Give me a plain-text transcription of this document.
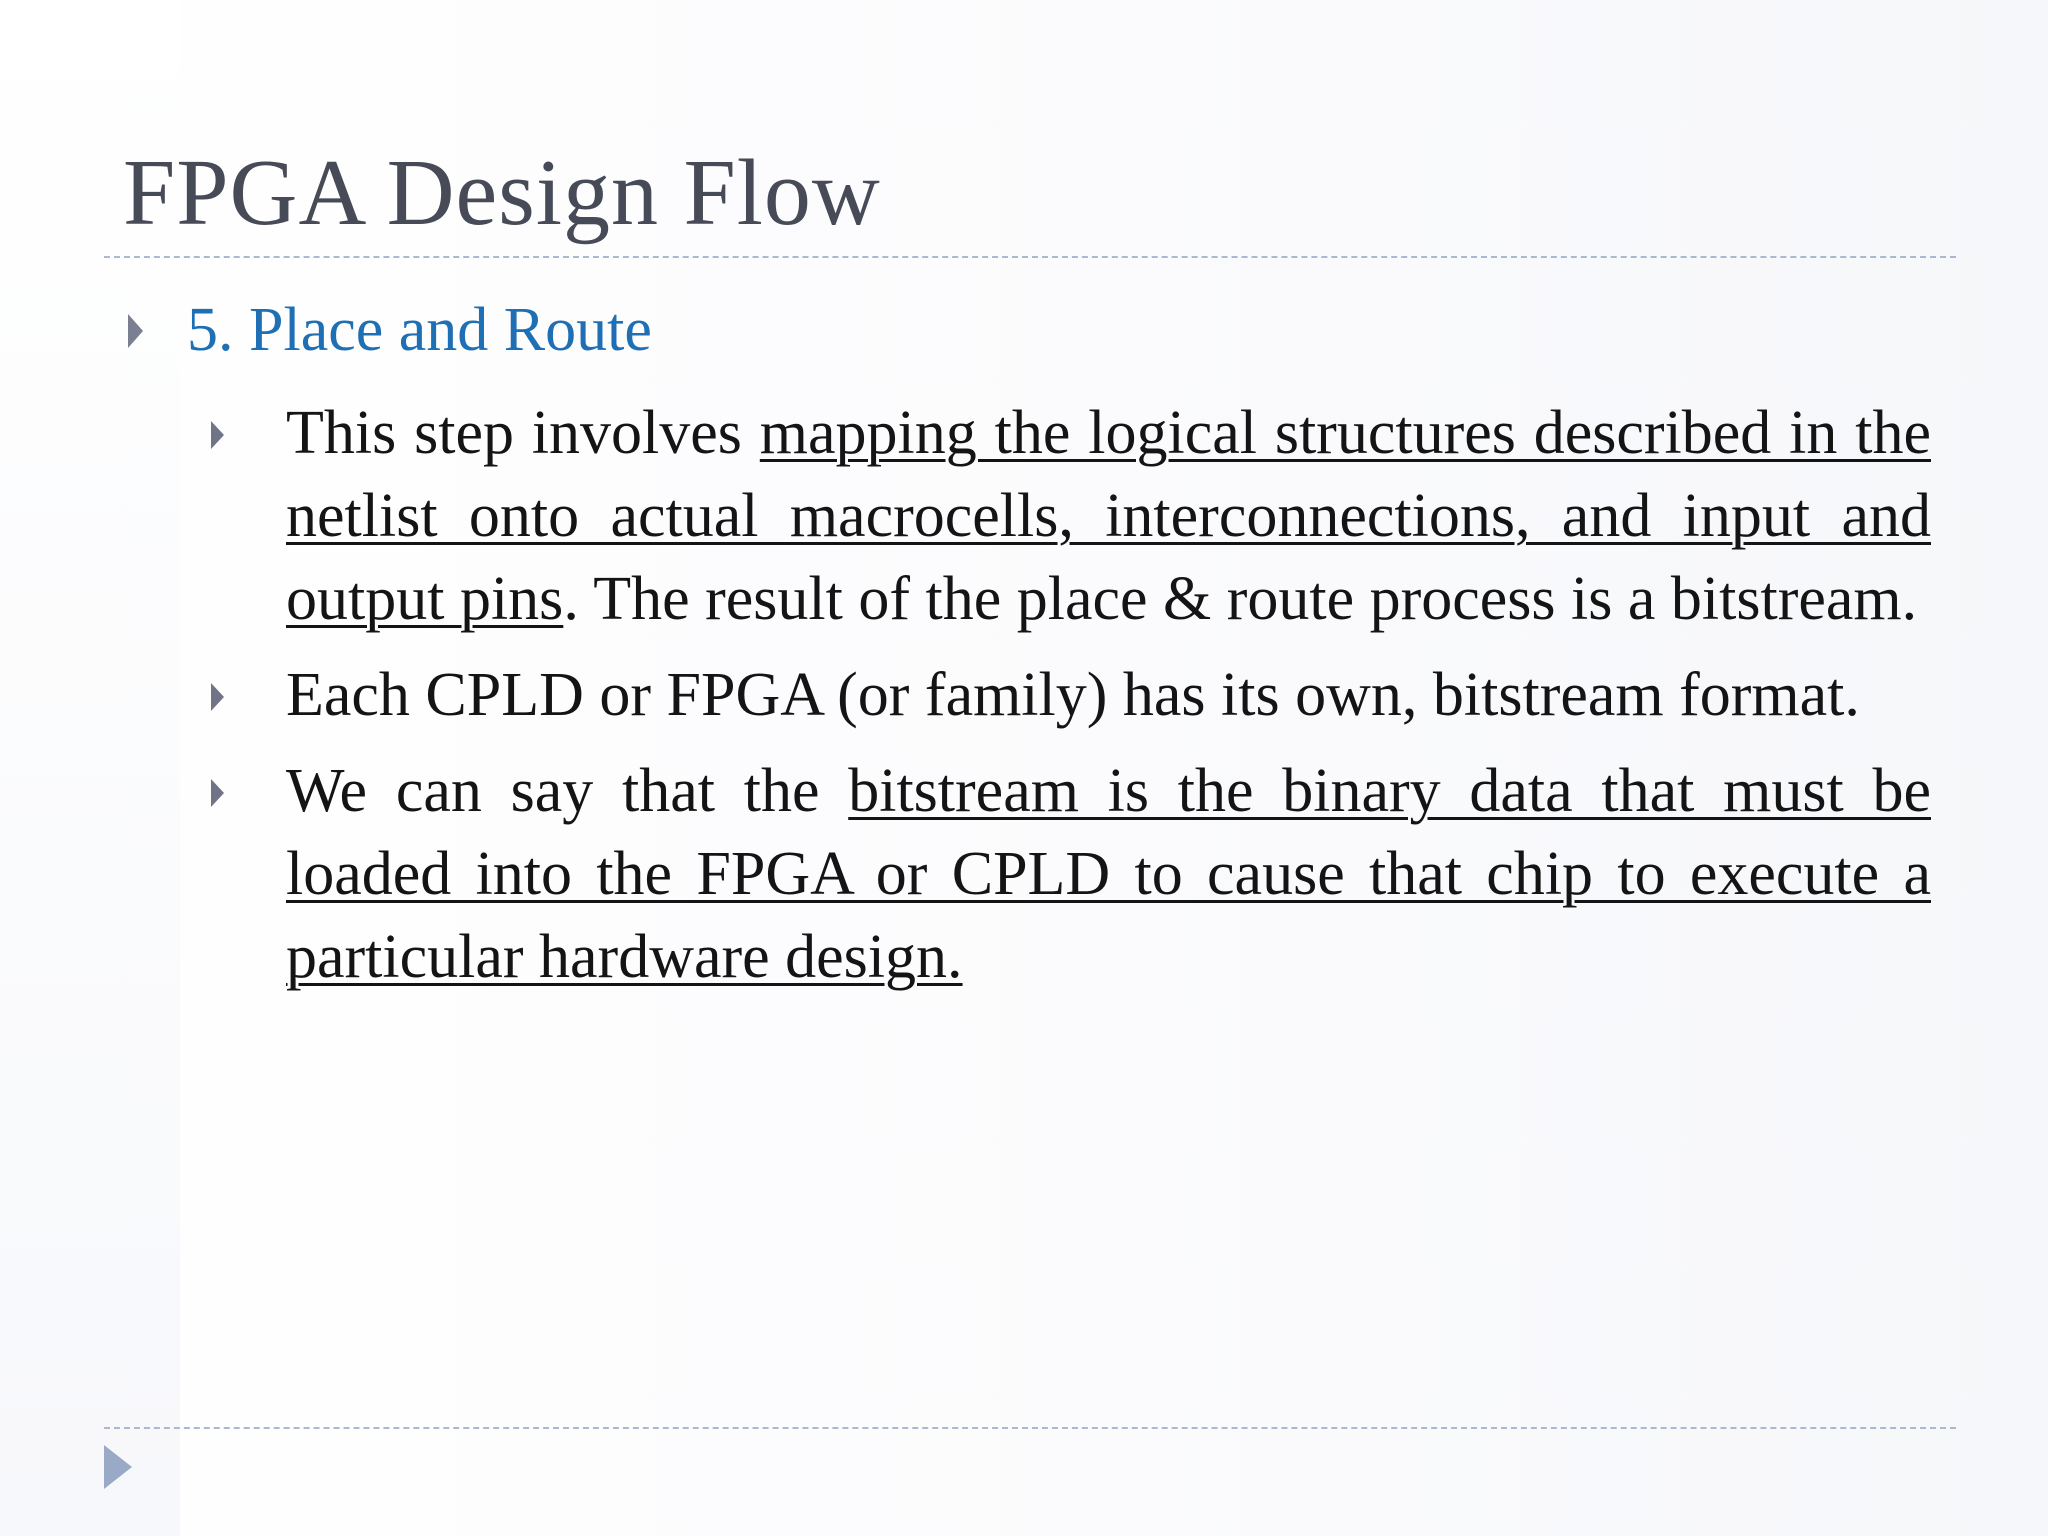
FPGA Design Flow
5. Place and Route
This step involves mapping the logical structures described in the netlist onto actual macrocells, interconnections, and input and output pins. The result of the place & route process is a bitstream.
Each CPLD or FPGA (or family) has its own, bitstream format.
We can say that the bitstream is the binary data that must be loaded into the FPGA or CPLD to cause that chip to execute a particular hardware design.
